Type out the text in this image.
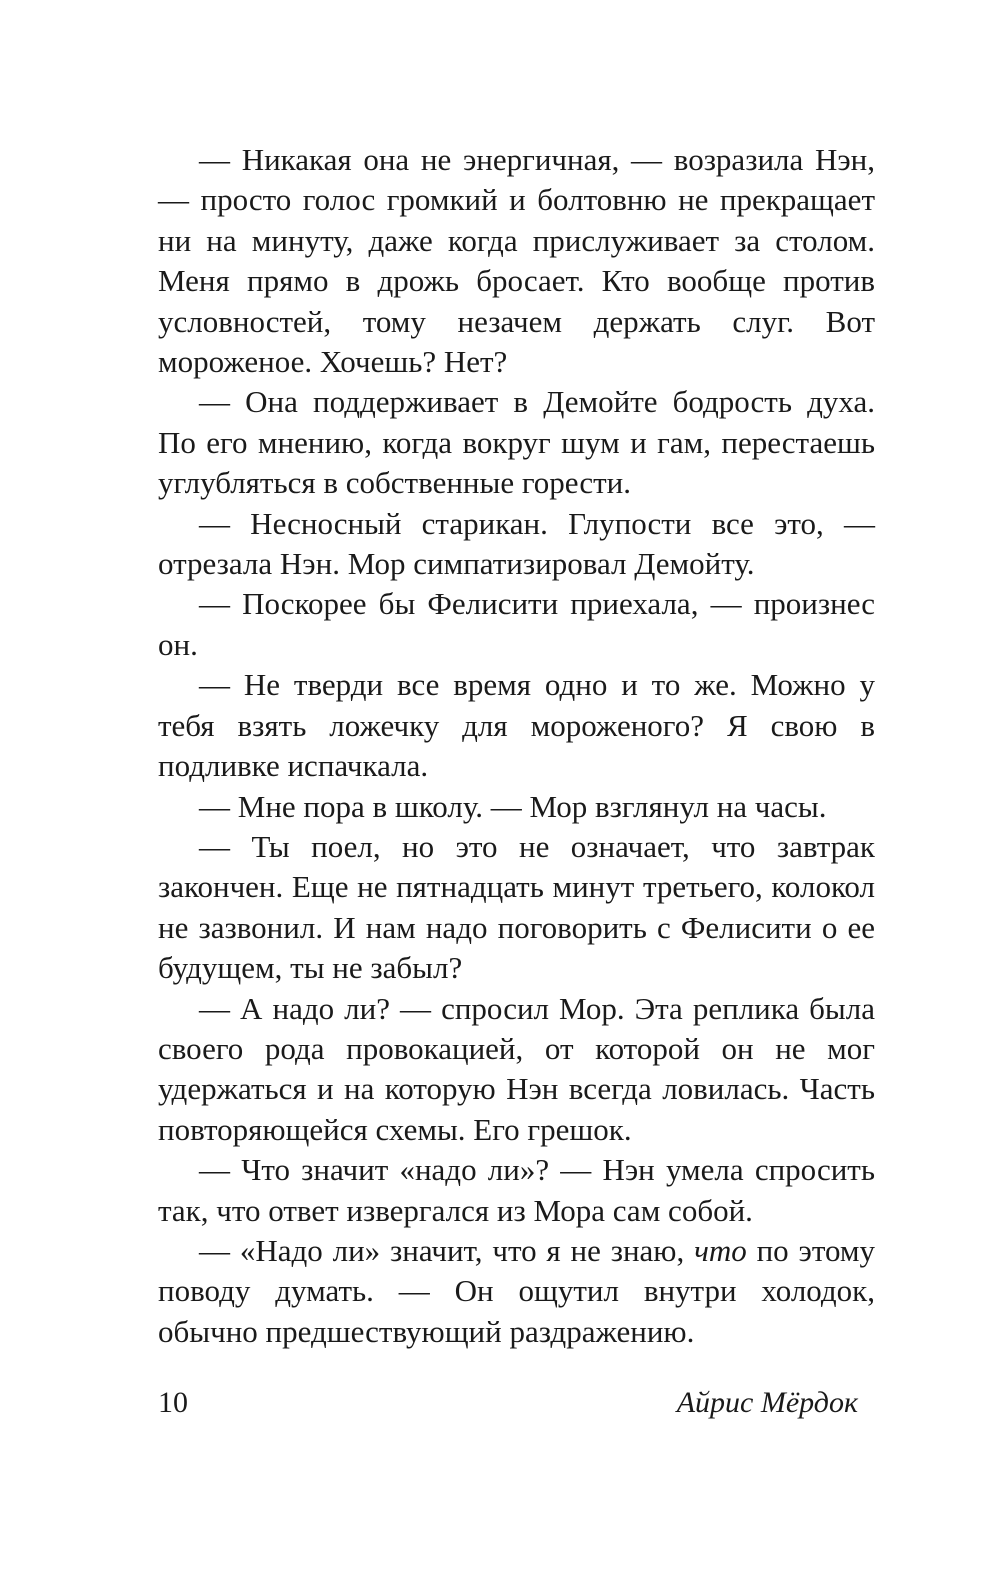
— Никакая она не энергичная, — возразила Нэн, — просто голос громкий и болтовню не прекращает ни на минуту, даже когда прислуживает за столом. Меня прямо в дрожь бросает. Кто вообще против условностей, тому незачем держать слуг. Вот мороженое. Хочешь? Нет?

— Она поддерживает в Демойте бодрость духа. По его мнению, когда вокруг шум и гам, перестаешь углубляться в собственные горести.

— Несносный старикан. Глупости все это, — отрезала Нэн. Мор симпатизировал Демойту.

— Поскорее бы Фелисити приехала, — произнес он.

— Не тверди все время одно и то же. Можно у тебя взять ложечку для мороженого? Я свою в подливке испачкала.

— Мне пора в школу. — Мор взглянул на часы.

— Ты поел, но это не означает, что завтрак закончен. Еще не пятнадцать минут третьего, колокол не зазвонил. И нам надо поговорить с Фелисити о ее будущем, ты не забыл?

— А надо ли? — спросил Мор. Эта реплика была своего рода провокацией, от которой он не мог удержаться и на которую Нэн всегда ловилась. Часть повторяющейся схемы. Его грешок.

— Что значит «надо ли»? — Нэн умела спросить так, что ответ извергался из Мора сам собой.

— «Надо ли» значит, что я не знаю, что по этому поводу думать. — Он ощутил внутри холодок, обычно предшествующий раздражению.

10	Айрис Мёрдок
